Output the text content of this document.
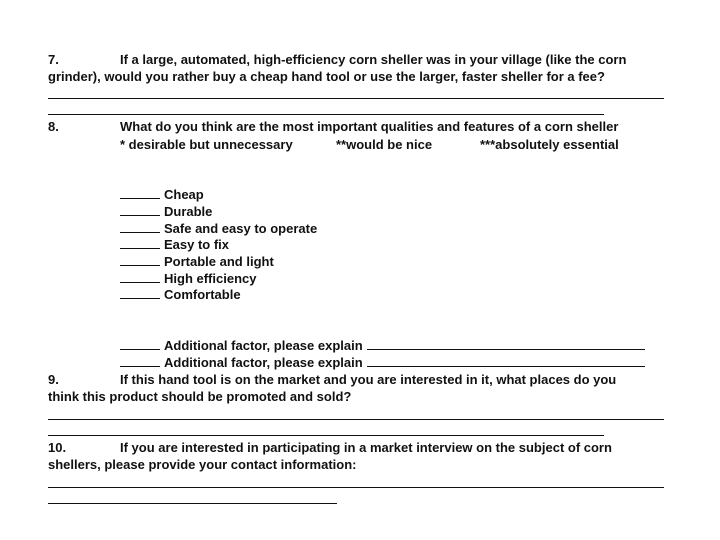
7.	If a large, automated, high-efficiency corn sheller was in your village (like the corn
grinder), would you rather buy a cheap hand tool or use the larger, faster sheller for a fee?
8.	What do you think are the most important qualities and features of a corn sheller
* desirable but unnecessary	**would be nice	***absolutely essential
Cheap
Durable
Safe and easy to operate
Easy to fix
Portable and light
High efficiency
Comfortable
Additional factor, please explain
Additional factor, please explain
9.	If this hand tool is on the market and you are interested in it, what places do you
think this product should be promoted and sold?
10.	If you are interested in participating in a market interview on the subject of corn
shellers, please provide your contact information:
